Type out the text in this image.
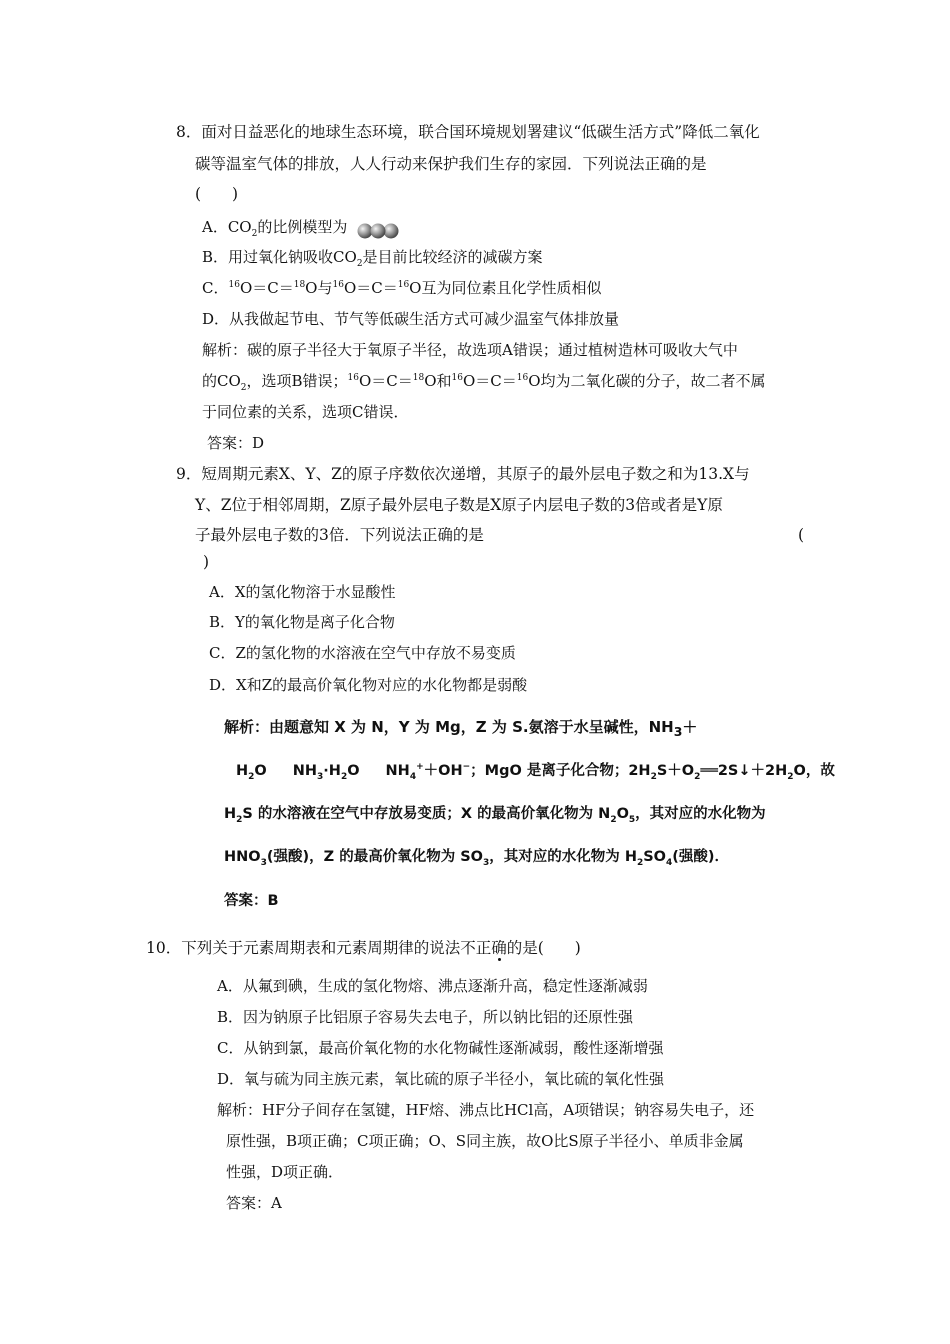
8．面对日益恶化的地球生态环境，联合国环境规划署建议“低碳生活方式”降低二氧化
碳等温室气体的排放，人人行动来保护我们生存的家园．下列说法正确的是
(　　)
A．$CO_2$的比例模型为
B．用过氧化钠吸收$CO_2$是目前比较经济的减碳方案
C．$^{16}$O＝C＝$^{18}$O与$^{16}$O＝C＝$^{16}$O互为同位素且化学性质相似
D．从我做起节电、节气等低碳生活方式可减少温室气体排放量
解析：碳的原子半径大于氧原子半径，故选项A错误；通过植树造林可吸收大气中
的$CO_2$，选项B错误；$^{16}$O＝C＝$^{18}$O和$^{16}$O＝C＝$^{16}$O均为二氧化碳的分子，故二者不属
于同位素的关系，选项C错误．
答案：D
9．短周期元素X、Y、Z的原子序数依次递增，其原子的最外层电子数之和为13.X与
Y、Z位于相邻周期，Z原子最外层电子数是X原子内层电子数的3倍或者是Y原
子最外层电子数的3倍．下列说法正确的是	(
)
A．X的氢化物溶于水显酸性
B．Y的氧化物是离子化合物
C．Z的氢化物的水溶液在空气中存放不易变质
D．X和Z的最高价氧化物对应的水化物都是弱酸
解析：由题意知 X 为 N，Y 为 Mg，Z 为 S.氨溶于水呈碱性，$NH_3+$
$H_2O$ $NH_3\cdot H_2O$ $NH_4^++OH^-$；MgO 是离子化合物；$2H_2S+O_2══2S↓+2H_2O$，故
$H_2S$ 的水溶液在空气中存放易变质；X 的最高价氧化物为 $N_2O_5$，其对应的水化物为
$HNO_3$(强酸)，Z 的最高价氧化物为 $SO_3$，其对应的水化物为 $H_2SO_4$(强酸)．
答案：B
10．下列关于元素周期表和元素周期律的说法不正确的是(　　)
A．从氟到碘，生成的氢化物熔、沸点逐渐升高，稳定性逐渐减弱
B．因为钠原子比铝原子容易失去电子，所以钠比铝的还原性强
C．从钠到氯，最高价氧化物的水化物碱性逐渐减弱，酸性逐渐增强
D．氧与硫为同主族元素，氧比硫的原子半径小，氧比硫的氧化性强
解析：HF分子间存在氢键，HF熔、沸点比HCl高，A项错误；钠容易失电子，还
原性强，B项正确；C项正确；O、S同主族，故O比S原子半径小、单质非金属
性强，D项正确．
答案：A
